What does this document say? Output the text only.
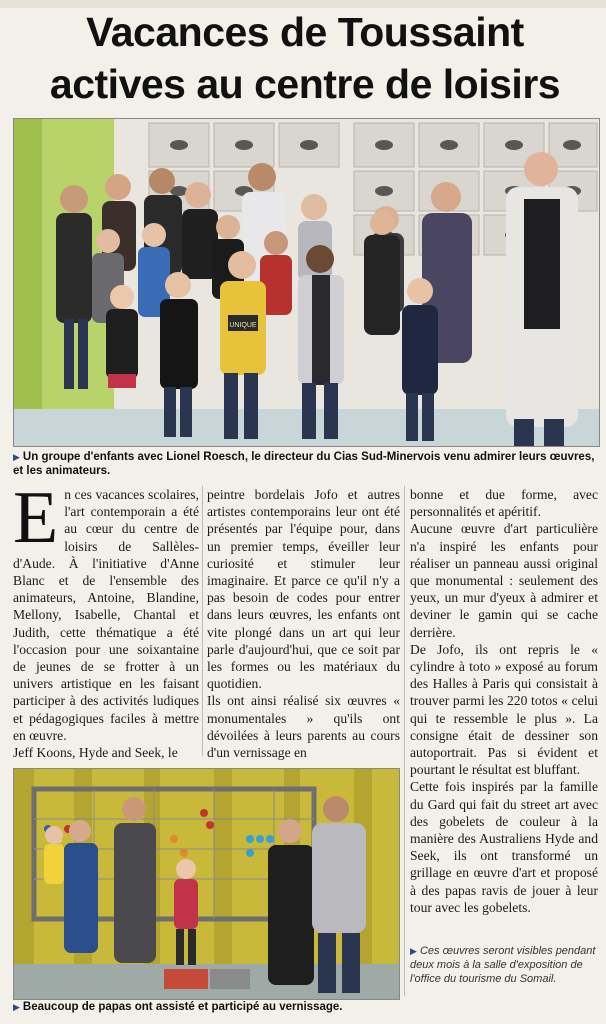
Vacances de Toussaint
actives au centre de loisirs
UNIQUE
▶ Un groupe d'enfants avec Lionel Roesch, le directeur du Cias Sud-Minervois venu admirer leurs œuvres, et les animateurs.

E n ces vacances scolaires, l'art contemporain a été au cœur du centre de loisirs de Sallèles-d'Aude. À l'initiative d'Anne Blanc et de l'ensemble des animateurs, Antoine, Blandine, Mellony, Isabelle, Chantal et Judith, cette thématique a été l'occasion pour une soixantaine de jeunes de se frotter à un univers artistique en les faisant participer à des activités ludiques et pédagogiques faciles à mettre en œuvre.

Jeff Koons, Hyde and Seek, le

peintre bordelais Jofo et autres artistes contemporains leur ont été présentés par l'équipe pour, dans un premier temps, éveiller leur curiosité et stimuler leur imaginaire. Et parce ce qu'il n'y a pas besoin de codes pour entrer dans leurs œuvres, les enfants ont vite plongé dans un art qui leur parle d'aujourd'hui, que ce soit par les formes ou les matériaux du quotidien.

Ils ont ainsi réalisé six œuvres « monumentales » qu'ils ont dévoilées à leurs parents au cours d'un vernissage en

bonne et due forme, avec personnalités et apéritif.

Aucune œuvre d'art particulière n'a inspiré les enfants pour réaliser un panneau aussi original que monumental : seulement des yeux, un mur d'yeux à admirer et deviner le gamin qui se cache derrière.

De Jofo, ils ont repris le « cylindre à toto » exposé au forum des Halles à Paris qui consistait à trouver parmi les 220 totos « celui qui te ressemble le plus ». La consigne était de dessiner son autoportrait. Pas si évident et pourtant le résultat est bluffant.

Cette fois inspirés par la famille du Gard qui fait du street art avec des gobelets de couleur à la manière des Australiens Hyde and Seek, ils ont transformé un grillage en œuvre d'art et proposé à des papas ravis de jouer à leur tour avec les gobelets.

▶ Beaucoup de papas ont assisté et participé au vernissage.
▶ Ces œuvres seront visibles pendant deux mois à la salle d'exposition de l'office du tourisme du Somail.
